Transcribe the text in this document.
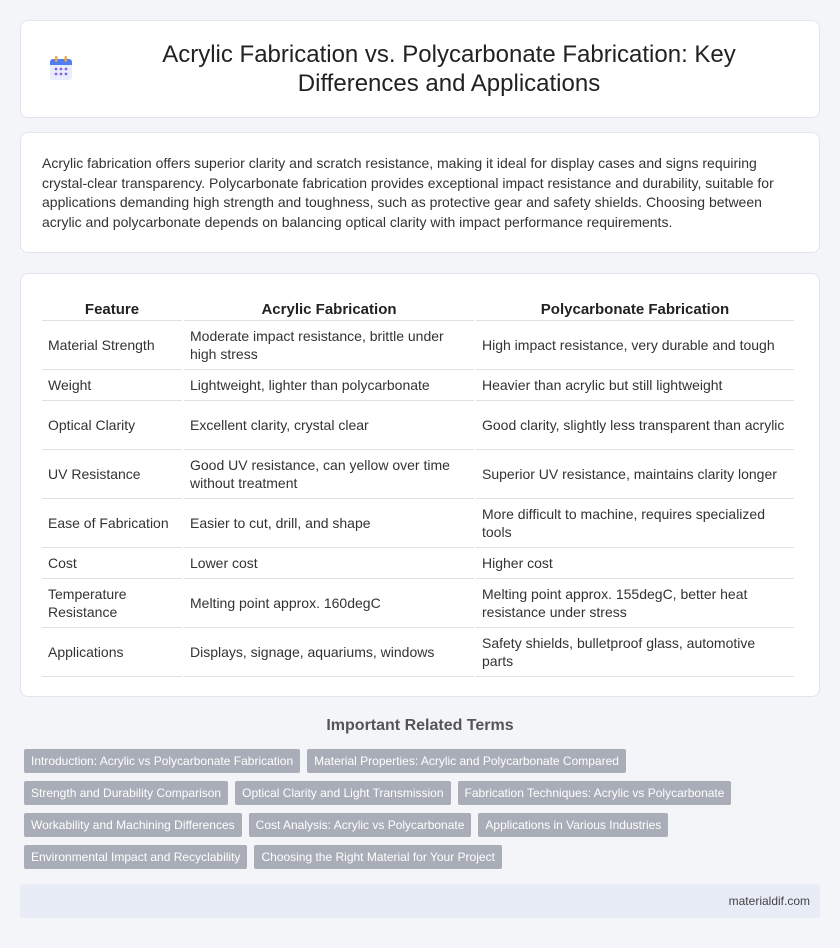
Acrylic Fabrication vs. Polycarbonate Fabrication: Key Differences and Applications

Acrylic fabrication offers superior clarity and scratch resistance, making it ideal for display cases and signs requiring crystal-clear transparency. Polycarbonate fabrication provides exceptional impact resistance and durability, suitable for applications demanding high strength and toughness, such as protective gear and safety shields. Choosing between acrylic and polycarbonate depends on balancing optical clarity with impact performance requirements.

Feature	Acrylic Fabrication	Polycarbonate Fabrication
Material Strength	Moderate impact resistance, brittle under high stress	High impact resistance, very durable and tough
Weight	Lightweight, lighter than polycarbonate	Heavier than acrylic but still lightweight
Optical Clarity	Excellent clarity, crystal clear	Good clarity, slightly less transparent than acrylic
UV Resistance	Good UV resistance, can yellow over time without treatment	Superior UV resistance, maintains clarity longer
Ease of Fabrication	Easier to cut, drill, and shape	More difficult to machine, requires specialized tools
Cost	Lower cost	Higher cost
Temperature Resistance	Melting point approx. 160degC	Melting point approx. 155degC, better heat resistance under stress
Applications	Displays, signage, aquariums, windows	Safety shields, bulletproof glass, automotive parts
Important Related Terms
Introduction: Acrylic vs Polycarbonate Fabrication	Material Properties: Acrylic and Polycarbonate Compared
Strength and Durability Comparison	Optical Clarity and Light Transmission	Fabrication Techniques: Acrylic vs Polycarbonate
Workability and Machining Differences	Cost Analysis: Acrylic vs Polycarbonate	Applications in Various Industries
Environmental Impact and Recyclability	Choosing the Right Material for Your Project
materialdif.com
